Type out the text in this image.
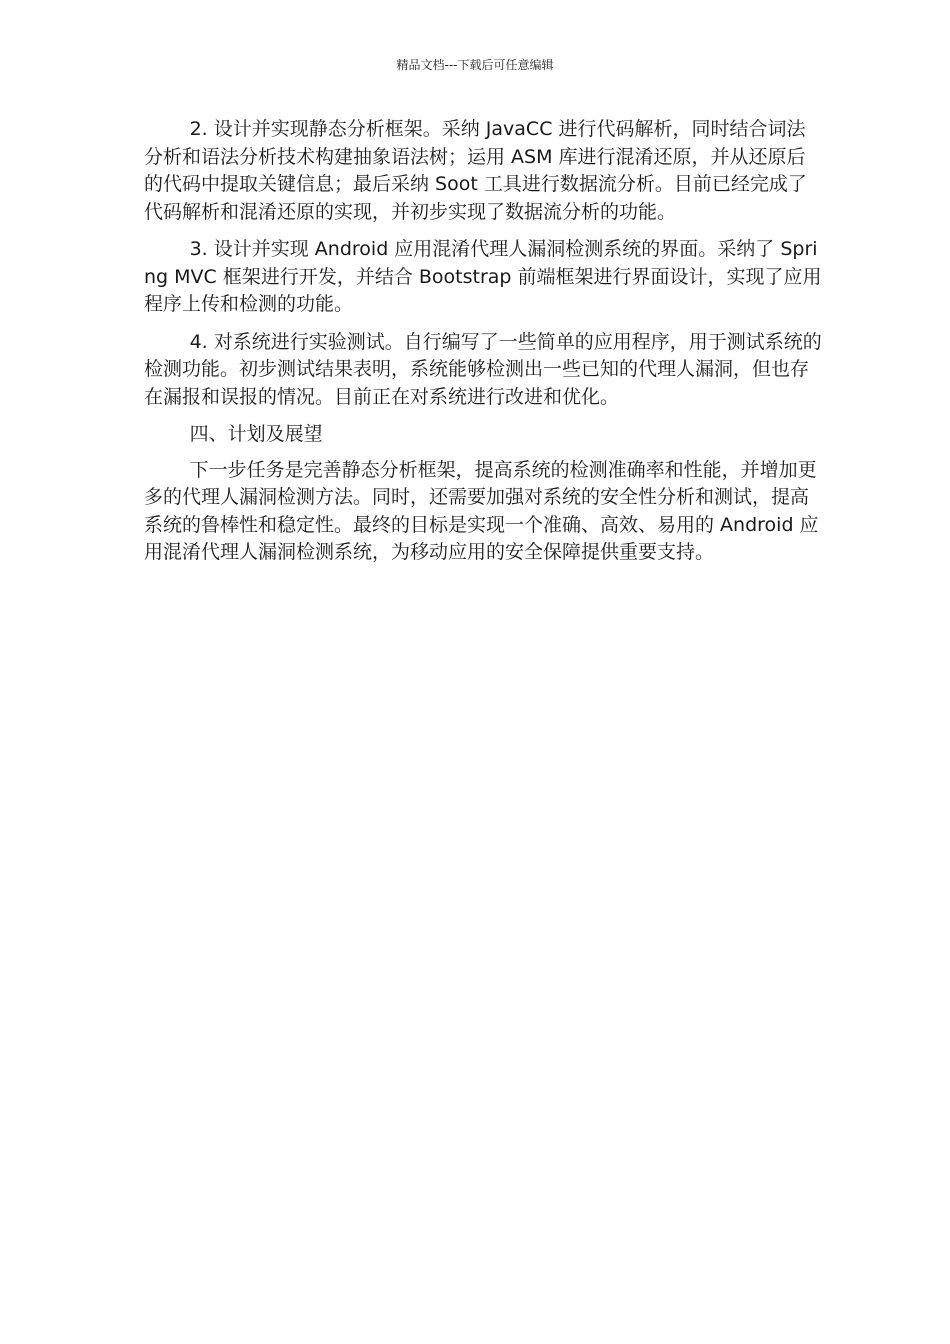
精品文档---下载后可任意编辑

2. 设计并实现静态分析框架。采纳 JavaCC 进行代码解析，同时结合词法分析和语法分析技术构建抽象语法树；运用 ASM 库进行混淆还原，并从还原后的代码中提取关键信息；最后采纳 Soot 工具进行数据流分析。目前已经完成了代码解析和混淆还原的实现，并初步实现了数据流分析的功能。

3. 设计并实现 Android 应用混淆代理人漏洞检测系统的界面。采纳了 Spring MVC 框架进行开发，并结合 Bootstrap 前端框架进行界面设计，实现了应用程序上传和检测的功能。

4. 对系统进行实验测试。自行编写了一些简单的应用程序，用于测试系统的检测功能。初步测试结果表明，系统能够检测出一些已知的代理人漏洞，但也存在漏报和误报的情况。目前正在对系统进行改进和优化。

四、计划及展望

下一步任务是完善静态分析框架，提高系统的检测准确率和性能，并增加更多的代理人漏洞检测方法。同时，还需要加强对系统的安全性分析和测试，提高系统的鲁棒性和稳定性。最终的目标是实现一个准确、高效、易用的 Android 应用混淆代理人漏洞检测系统，为移动应用的安全保障提供重要支持。
